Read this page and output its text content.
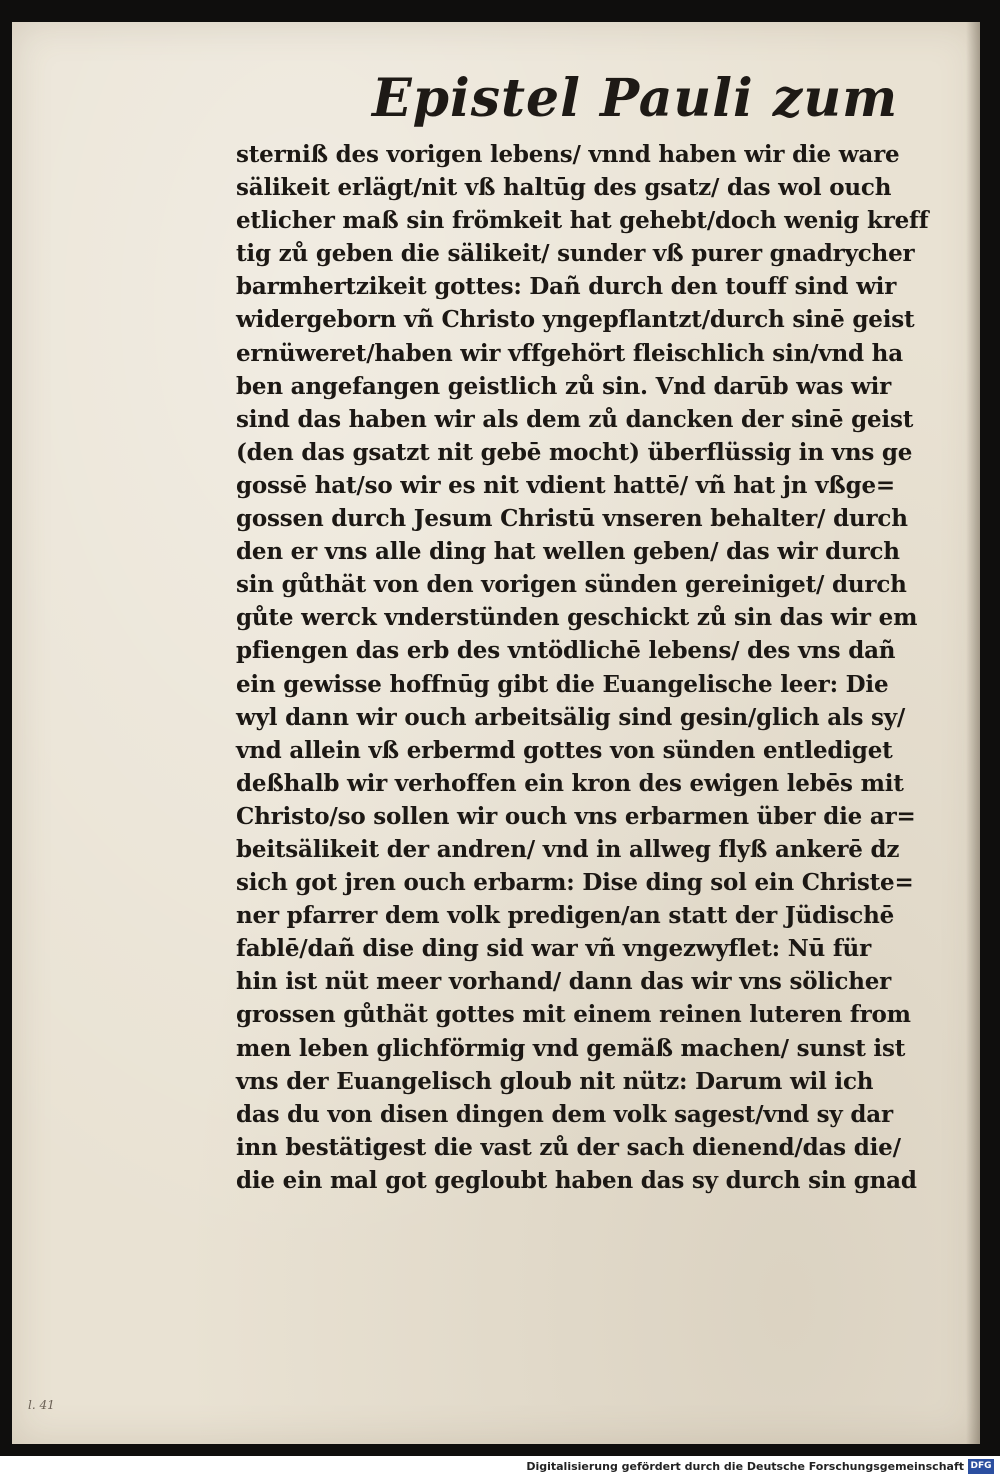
Epistel Pauli zum
sterniß des vorigen lebens/ vnnd haben wir die ware
sälikeit erlägt/nit vß haltūg des gsatz/ das wol ouch
etlicher maß sin frömkeit hat gehebt/doch wenig kreff
tig zů geben die sälikeit/ sunder vß purer gnadrycher
barmhertzikeit gottes: Dañ durch den touff sind wir
widergeborn vñ Christo yngepflantzt/durch sinē geist
ernüweret/haben wir vffgehört fleischlich sin/vnd ha
ben angefangen geistlich zů sin. Vnd darūb was wir
sind das haben wir als dem zů dancken der sinē geist
(den das gsatzt nit gebē mocht) überflüssig in vns ge
gossē hat/so wir es nit vdient hattē/ vñ hat jn vßge=
gossen durch Jesum Christū vnseren behalter/ durch
den er vns alle ding hat wellen geben/ das wir durch
sin gůthät von den vorigen sünden gereiniget/ durch
gůte werck vnderstünden geschickt zů sin das wir em
pfiengen das erb des vntödlichē lebens/ des vns dañ
ein gewisse hoffnūg gibt die Euangelische leer: Die
wyl dann wir ouch arbeitsälig sind gesin/glich als sy/
vnd allein vß erbermd gottes von sünden entlediget
deßhalb wir verhoffen ein kron des ewigen lebēs mit
Christo/so sollen wir ouch vns erbarmen über die ar=
beitsälikeit der andren/ vnd in allweg flyß ankerē dz
sich got jren ouch erbarm: Dise ding sol ein Christe=
ner pfarrer dem volk predigen/an statt der Jüdischē
fablē/dañ dise ding sid war vñ vngezwyflet: Nū für
hin ist nüt meer vorhand/ dann das wir vns sölicher
grossen gůthät gottes mit einem reinen luteren from
men leben glichförmig vnd gemäß machen/ sunst ist
vns der Euangelisch gloub nit nütz: Darum wil ich
das du von disen dingen dem volk sagest/vnd sy dar
inn bestätigest die vast zů der sach dienend/das die/
die ein mal got gegloubt haben das sy durch sin gnad
l. 41
Digitalisierung gefördert durch die Deutsche Forschungsgemeinschaft DFG
